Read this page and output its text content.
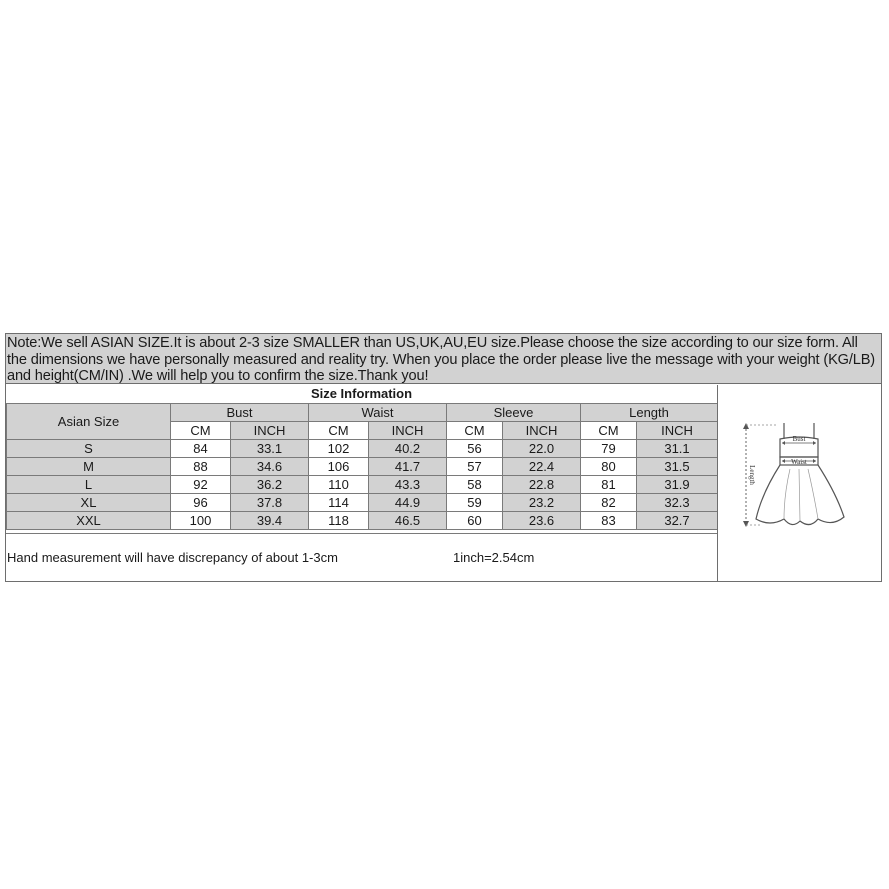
Note:We sell ASIAN SIZE.It is about 2-3 size SMALLER than US,UK,AU,EU size.Please choose the size according to our size form. All the dimensions we have personally measured and reality try. When you place the order please live the message with your weight (KG/LB) and height(CM/IN) .We will help you to confirm the size.Thank you!
Size Information
Asian Size	Bust		Waist		Sleeve		Length	
	CM	INCH	CM	INCH	CM	INCH	CM	INCH
S	84	33.1	102	40.2	56	22.0	79	31.1
M	88	34.6	106	41.7	57	22.4	80	31.5
L	92	36.2	110	43.3	58	22.8	81	31.9
XL	96	37.8	114	44.9	59	23.2	82	32.3
XXL	100	39.4	118	46.5	60	23.6	83	32.7
Hand measurement will have discrepancy of about 1-3cm	1inch=2.54cm
Length
Bust
Waist
